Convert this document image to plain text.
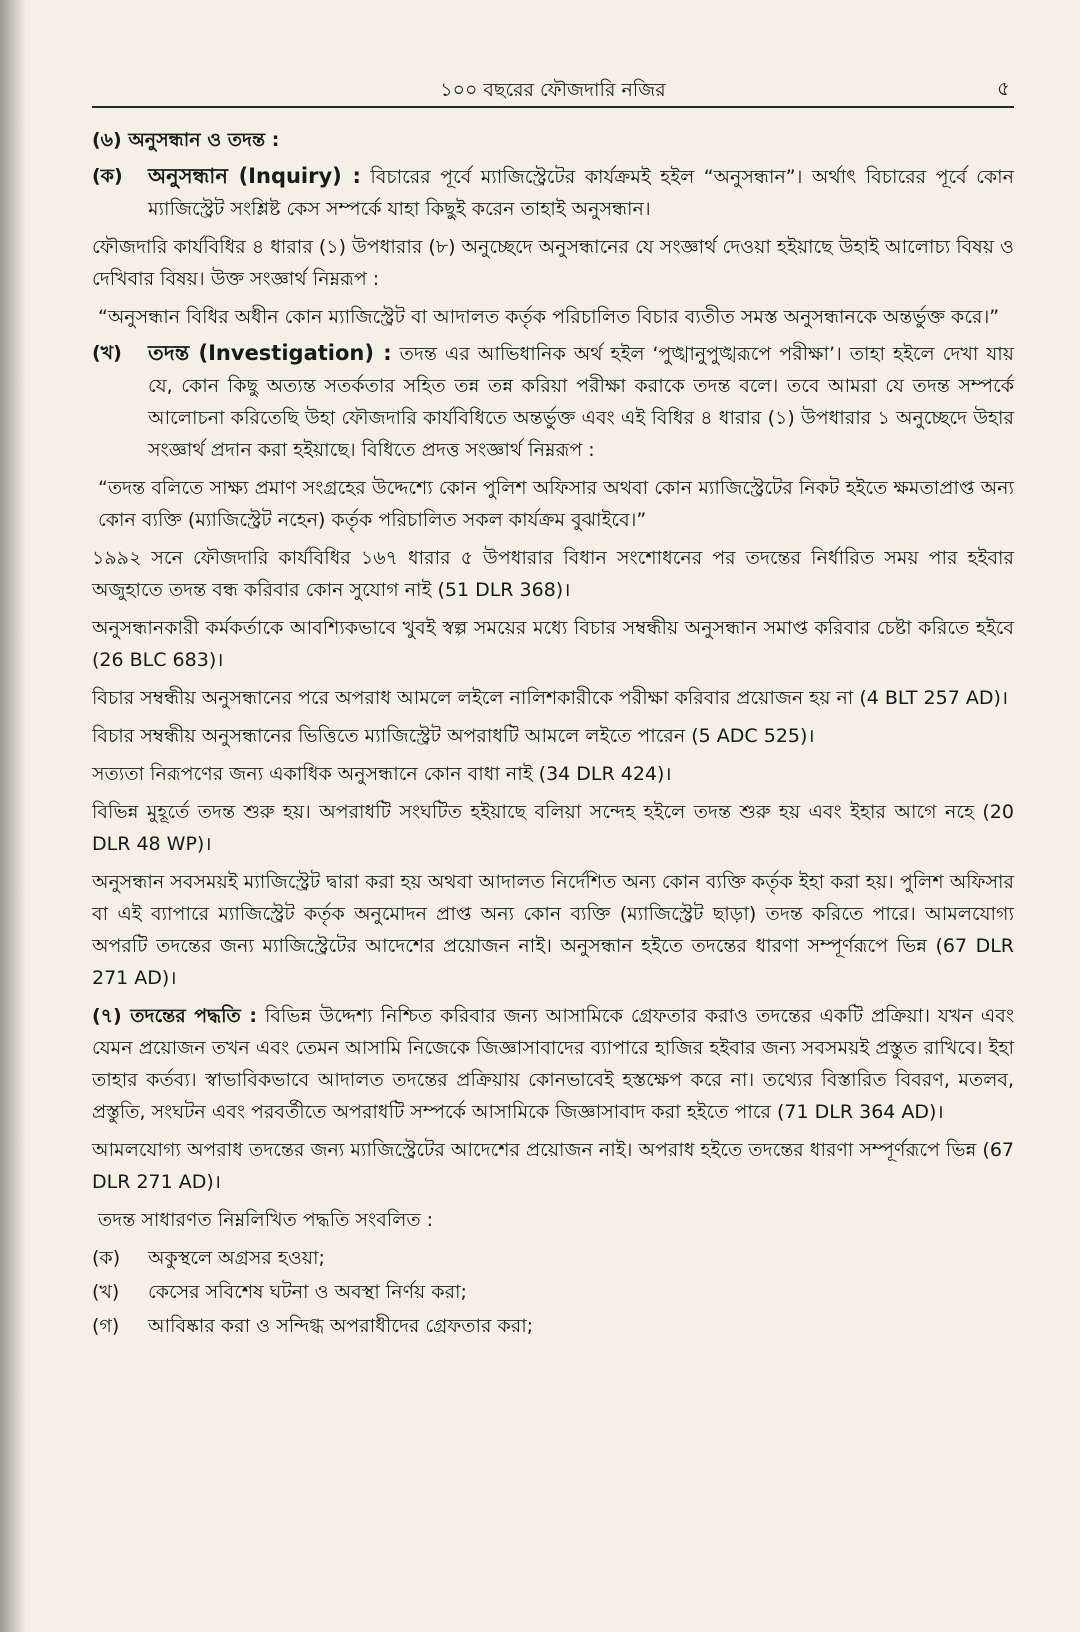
১০০ বছরের ফৌজদারি নজির	৫
(৬) অনুসন্ধান ও তদন্ত :
(ক)	অনুসন্ধান (Inquiry) : বিচারের পূর্বে ম্যাজিস্ট্রেটের কার্যক্রমই হইল “অনুসন্ধান”। অর্থাৎ বিচারের পূর্বে কোন ম্যাজিস্ট্রেট সংশ্লিষ্ট কেস সম্পর্কে যাহা কিছুই করেন তাহাই অনুসন্ধান।
ফৌজদারি কার্যবিধির ৪ ধারার (১) উপধারার (৮) অনুচ্ছেদে অনুসন্ধানের যে সংজ্ঞার্থ দেওয়া হইয়াছে উহাই আলোচ্য বিষয় ও দেখিবার বিষয়। উক্ত সংজ্ঞার্থ নিম্নরূপ :
“অনুসন্ধান বিধির অধীন কোন ম্যাজিস্ট্রেট বা আদালত কর্তৃক পরিচালিত বিচার ব্যতীত সমস্ত অনুসন্ধানকে অন্তর্ভুক্ত করে।”
(খ)	তদন্ত (Investigation) : তদন্ত এর আভিধানিক অর্থ হইল ‘পুঙ্খানুপুঙ্খরূপে পরীক্ষা’। তাহা হইলে দেখা যায় যে, কোন কিছু অত্যন্ত সতর্কতার সহিত তন্ন তন্ন করিয়া পরীক্ষা করাকে তদন্ত বলে। তবে আমরা যে তদন্ত সম্পর্কে আলোচনা করিতেছি উহা ফৌজদারি কার্যবিধিতে অন্তর্ভুক্ত এবং এই বিধির ৪ ধারার (১) উপধারার ১ অনুচ্ছেদে উহার সংজ্ঞার্থ প্রদান করা হইয়াছে। বিধিতে প্রদত্ত সংজ্ঞার্থ নিম্নরূপ :
“তদন্ত বলিতে সাক্ষ্য প্রমাণ সংগ্রহের উদ্দেশ্যে কোন পুলিশ অফিসার অথবা কোন ম্যাজিস্ট্রেটের নিকট হইতে ক্ষমতাপ্রাপ্ত অন্য কোন ব্যক্তি (ম্যাজিস্ট্রেট নহেন) কর্তৃক পরিচালিত সকল কার্যক্রম বুঝাইবে।”
১৯৯২ সনে ফৌজদারি কার্যবিধির ১৬৭ ধারার ৫ উপধারার বিধান সংশোধনের পর তদন্তের নির্ধারিত সময় পার হইবার অজুহাতে তদন্ত বন্ধ করিবার কোন সুযোগ নাই (51 DLR 368)।
অনুসন্ধানকারী কর্মকর্তাকে আবশ্যিকভাবে খুবই স্বল্প সময়ের মধ্যে বিচার সম্বন্ধীয় অনুসন্ধান সমাপ্ত করিবার চেষ্টা করিতে হইবে (26 BLC 683)।
বিচার সম্বন্ধীয় অনুসন্ধানের পরে অপরাধ আমলে লইলে নালিশকারীকে পরীক্ষা করিবার প্রয়োজন হয় না (4 BLT 257 AD)।
বিচার সম্বন্ধীয় অনুসন্ধানের ভিত্তিতে ম্যাজিস্ট্রেট অপরাধটি আমলে লইতে পারেন (5 ADC 525)।
সত্যতা নিরূপণের জন্য একাধিক অনুসন্ধানে কোন বাধা নাই (34 DLR 424)।
বিভিন্ন মুহূর্তে তদন্ত শুরু হয়। অপরাধটি সংঘটিত হইয়াছে বলিয়া সন্দেহ হইলে তদন্ত শুরু হয় এবং ইহার আগে নহে (20 DLR 48 WP)।
অনুসন্ধান সবসময়ই ম্যাজিস্ট্রেট দ্বারা করা হয় অথবা আদালত নির্দেশিত অন্য কোন ব্যক্তি কর্তৃক ইহা করা হয়। পুলিশ অফিসার বা এই ব্যাপারে ম্যাজিস্ট্রেট কর্তৃক অনুমোদন প্রাপ্ত অন্য কোন ব্যক্তি (ম্যাজিস্ট্রেট ছাড়া) তদন্ত করিতে পারে। আমলযোগ্য অপরটি তদন্তের জন্য ম্যাজিস্ট্রেটের আদেশের প্রয়োজন নাই। অনুসন্ধান হইতে তদন্তের ধারণা সম্পূর্ণরূপে ভিন্ন (67 DLR 271 AD)।
(৭) তদন্তের পদ্ধতি : বিভিন্ন উদ্দেশ্য নিশ্চিত করিবার জন্য আসামিকে গ্রেফতার করাও তদন্তের একটি প্রক্রিয়া। যখন এবং যেমন প্রয়োজন তখন এবং তেমন আসামি নিজেকে জিজ্ঞাসাবাদের ব্যাপারে হাজির হইবার জন্য সবসময়ই প্রস্তুত রাখিবে। ইহা তাহার কর্তব্য। স্বাভাবিকভাবে আদালত তদন্তের প্রক্রিয়ায় কোনভাবেই হস্তক্ষেপ করে না। তথ্যের বিস্তারিত বিবরণ, মতলব, প্রস্তুতি, সংঘটন এবং পরবর্তীতে অপরাধটি সম্পর্কে আসামিকে জিজ্ঞাসাবাদ করা হইতে পারে (71 DLR 364 AD)।
আমলযোগ্য অপরাধ তদন্তের জন্য ম্যাজিস্ট্রেটের আদেশের প্রয়োজন নাই। অপরাধ হইতে তদন্তের ধারণা সম্পূর্ণরূপে ভিন্ন (67 DLR 271 AD)।
তদন্ত সাধারণত নিম্নলিখিত পদ্ধতি সংবলিত :
(ক)	অকুস্থলে অগ্রসর হওয়া;
(খ)	কেসের সবিশেষ ঘটনা ও অবস্থা নির্ণয় করা;
(গ)	আবিষ্কার করা ও সন্দিগ্ধ অপরাধীদের গ্রেফতার করা;
